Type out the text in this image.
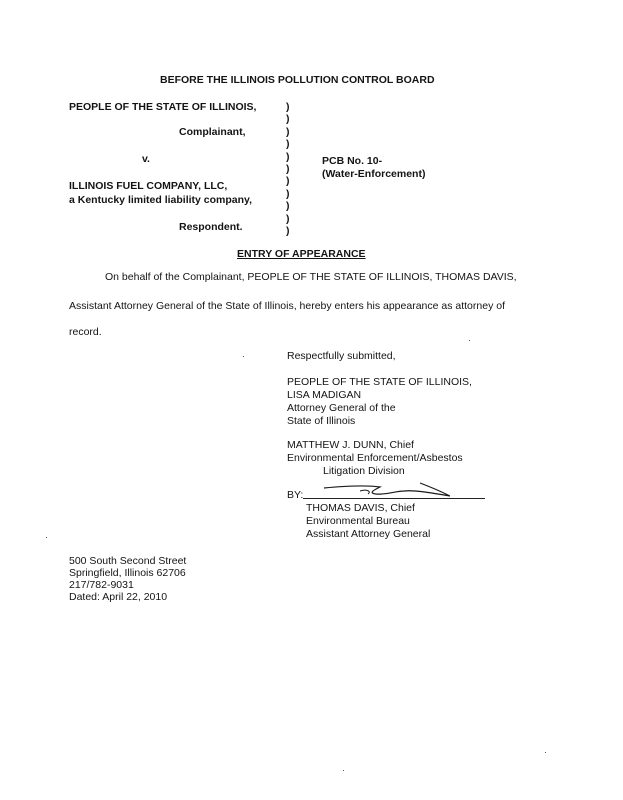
BEFORE THE ILLINOIS POLLUTION CONTROL BOARD
PEOPLE OF THE STATE OF ILLINOIS,
Complainant,
v.
ILLINOIS FUEL COMPANY, LLC,
a Kentucky limited liability company,
Respondent.
)
)
)
)
)
)
)
)
)
)
)
PCB No. 10-
(Water-Enforcement)
ENTRY OF APPEARANCE
On behalf of the Complainant, PEOPLE OF THE STATE OF ILLINOIS, THOMAS DAVIS,
Assistant Attorney General of the State of Illinois, hereby enters his appearance as attorney of
record.
Respectfully submitted,
PEOPLE OF THE STATE OF ILLINOIS,
LISA MADIGAN
Attorney General of the
State of Illinois
MATTHEW J. DUNN, Chief
Environmental Enforcement/Asbestos
Litigation Division
BY:
THOMAS DAVIS, Chief
Environmental Bureau
Assistant Attorney General
500 South Second Street
Springfield, Illinois 62706
217/782-9031
Dated: April 22, 2010
